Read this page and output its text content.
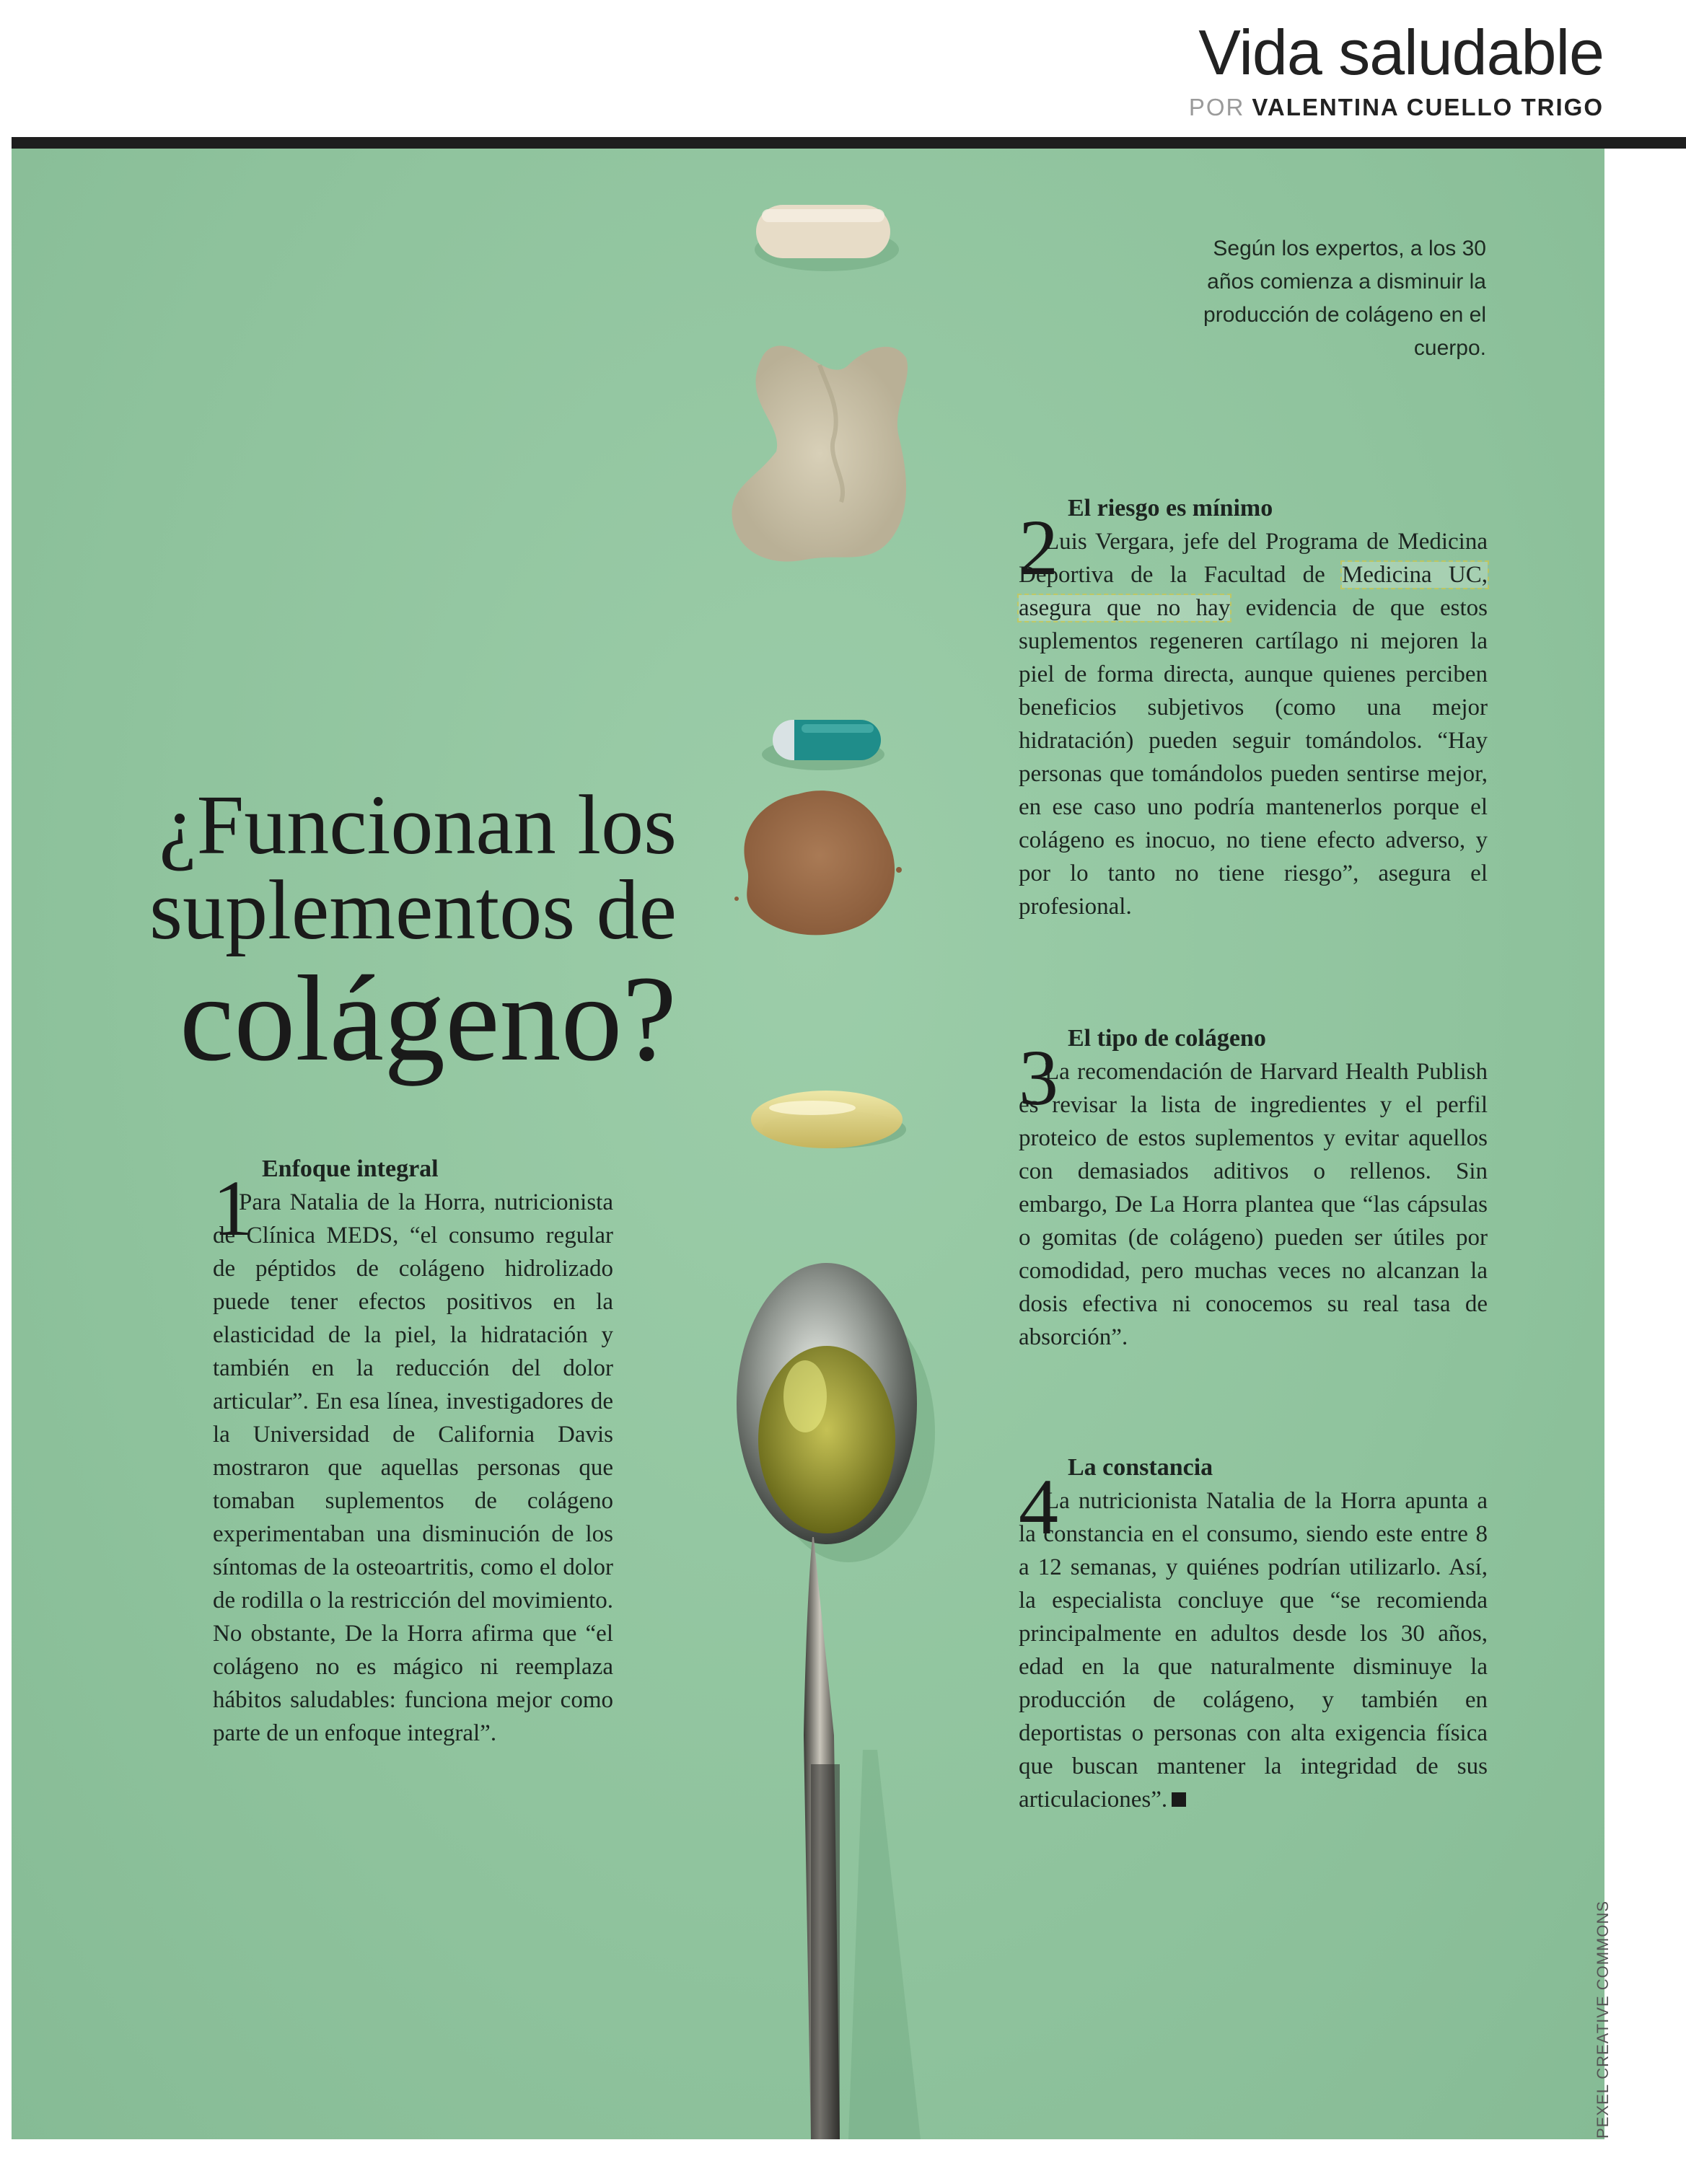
Vida saludable
POR VALENTINA CUELLO TRIGO
Según los expertos, a los 30 años comienza a disminuir la producción de colágeno en el cuerpo.
¿Funcionan los
suplementos de
colágeno?
1 Enfoque integral
Para Natalia de la Horra, nutricionista de Clínica MEDS, “el consumo regular de péptidos de colágeno hidrolizado puede tener efectos positivos en la elasticidad de la piel, la hidratación y también en la reducción del dolor articular”. En esa línea, investigadores de la Universidad de California Davis mostraron que aquellas personas que tomaban suplementos de colágeno experimentaban una disminución de los síntomas de la osteoartritis, como el dolor de rodilla o la restricción del movimiento. No obstante, De la Horra afirma que “el colágeno no es mágico ni reemplaza hábitos saludables: funciona mejor como parte de un enfoque integral”.
2 El riesgo es mínimo
Luis Vergara, jefe del Programa de Medicina Deportiva de la Facultad de Medicina UC, asegura que no hay evidencia de que estos suplementos regeneren cartílago ni mejoren la piel de forma directa, aunque quienes perciben beneficios subjetivos (como una mejor hidratación) pueden seguir tomándolos. “Hay personas que tomándolos pueden sentirse mejor, en ese caso uno podría mantenerlos porque el colágeno es inocuo, no tiene efecto adverso, y por lo tanto no tiene riesgo”, asegura el profesional.
3 El tipo de colágeno
La recomendación de Harvard Health Publish es revisar la lista de ingredientes y el perfil proteico de estos suplementos y evitar aquellos con demasiados aditivos o rellenos. Sin embargo, De La Horra plantea que “las cápsulas o gomitas (de colágeno) pueden ser útiles por comodidad, pero muchas veces no alcanzan la dosis efectiva ni conocemos su real tasa de absorción”.
4 La constancia
La nutricionista Natalia de la Horra apunta a la constancia en el consumo, siendo este entre 8 a 12 semanas, y quiénes podrían utilizarlo. Así, la especialista concluye que “se recomienda principalmente en adultos desde los 30 años, edad en la que naturalmente disminuye la producción de colágeno, y también en deportistas o personas con alta exigencia física que buscan mantener la integridad de sus articulaciones”.
PEXEL CREATIVE COMMONS
